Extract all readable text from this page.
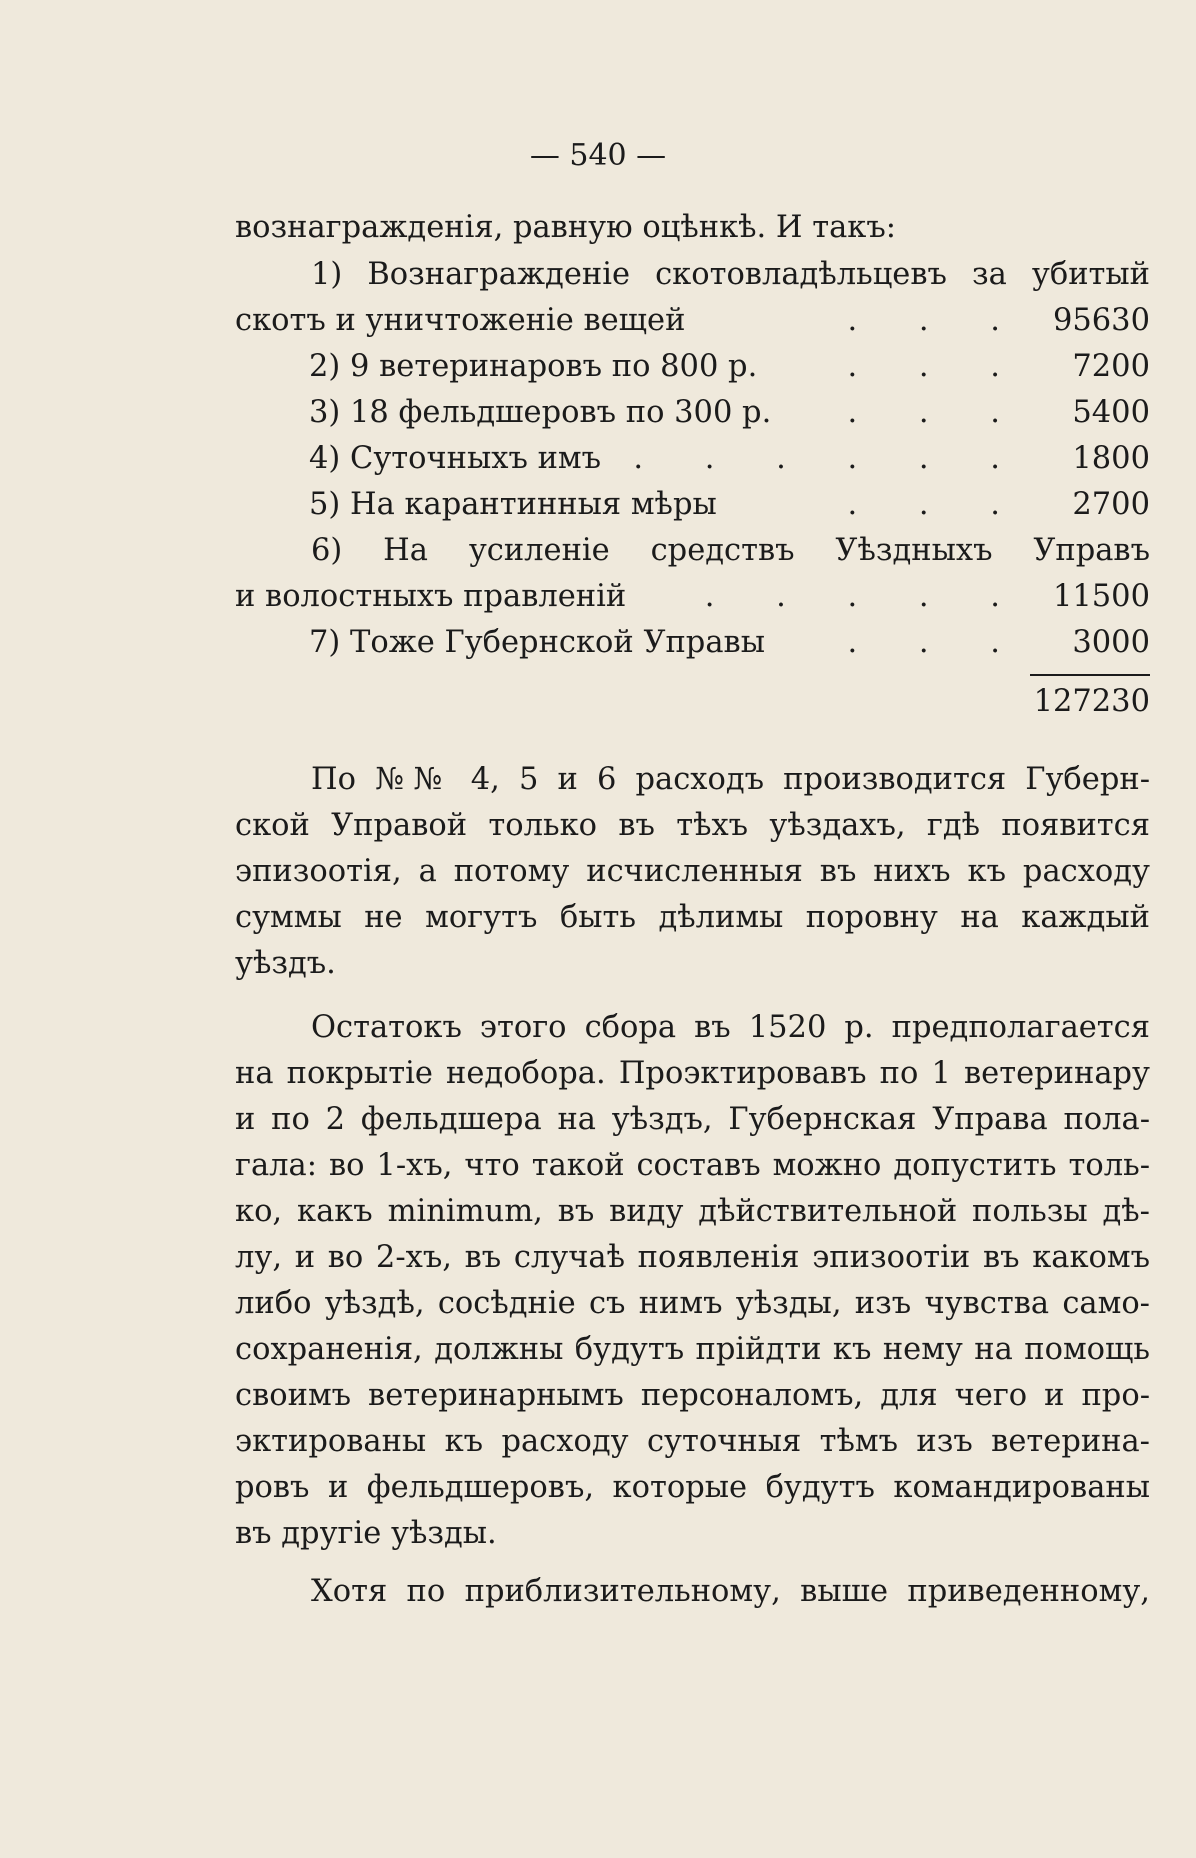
— 540 —
вознагражденія, равную оцѣнкѣ. И такъ:
1) Вознагражденіе скотовладѣльцевъ за убитый
скотъ и уничтоженіе вещей	. . . 95630
2) 9 ветеринаровъ по 800 р.	. . .	7200
3) 18 фельдшеровъ по 300 р.	. . .	5400
4) Суточныхъ имъ	. . . . . .	1800
5) На карантинныя мѣры	. . .	2700
6) На усиленіе средствъ Уѣздныхъ Управъ
и волостныхъ правленій	. . . . . 11500
7) Тоже Губернской Управы	. . .	3000
127230
По №№ 4, 5 и 6 расходъ производится Губерн-
ской Управой только въ тѣхъ уѣздахъ, гдѣ появится
эпизоотія, а потому исчисленныя въ нихъ къ расходу
суммы не могутъ быть дѣлимы поровну на каждый
уѣздъ.
Остатокъ этого сбора въ 1520 р. предполагается
на покрытіе недобора. Проэктировавъ по 1 ветеринару
и по 2 фельдшера на уѣздъ, Губернская Управа пола-
гала: во 1-хъ, что такой составъ можно допустить толь-
ко, какъ minimum, въ виду дѣйствительной пользы дѣ-
лу, и во 2-хъ, въ случаѣ появленія эпизоотіи въ какомъ
либо уѣздѣ, сосѣдніе съ нимъ уѣзды, изъ чувства само-
сохраненія, должны будутъ прійдти къ нему на помощь
своимъ ветеринарнымъ персоналомъ, для чего и про-
эктированы къ расходу суточныя тѣмъ изъ ветерина-
ровъ и фельдшеровъ, которые будутъ командированы
въ другіе уѣзды.
Хотя по приблизительному, выше приведенному,
